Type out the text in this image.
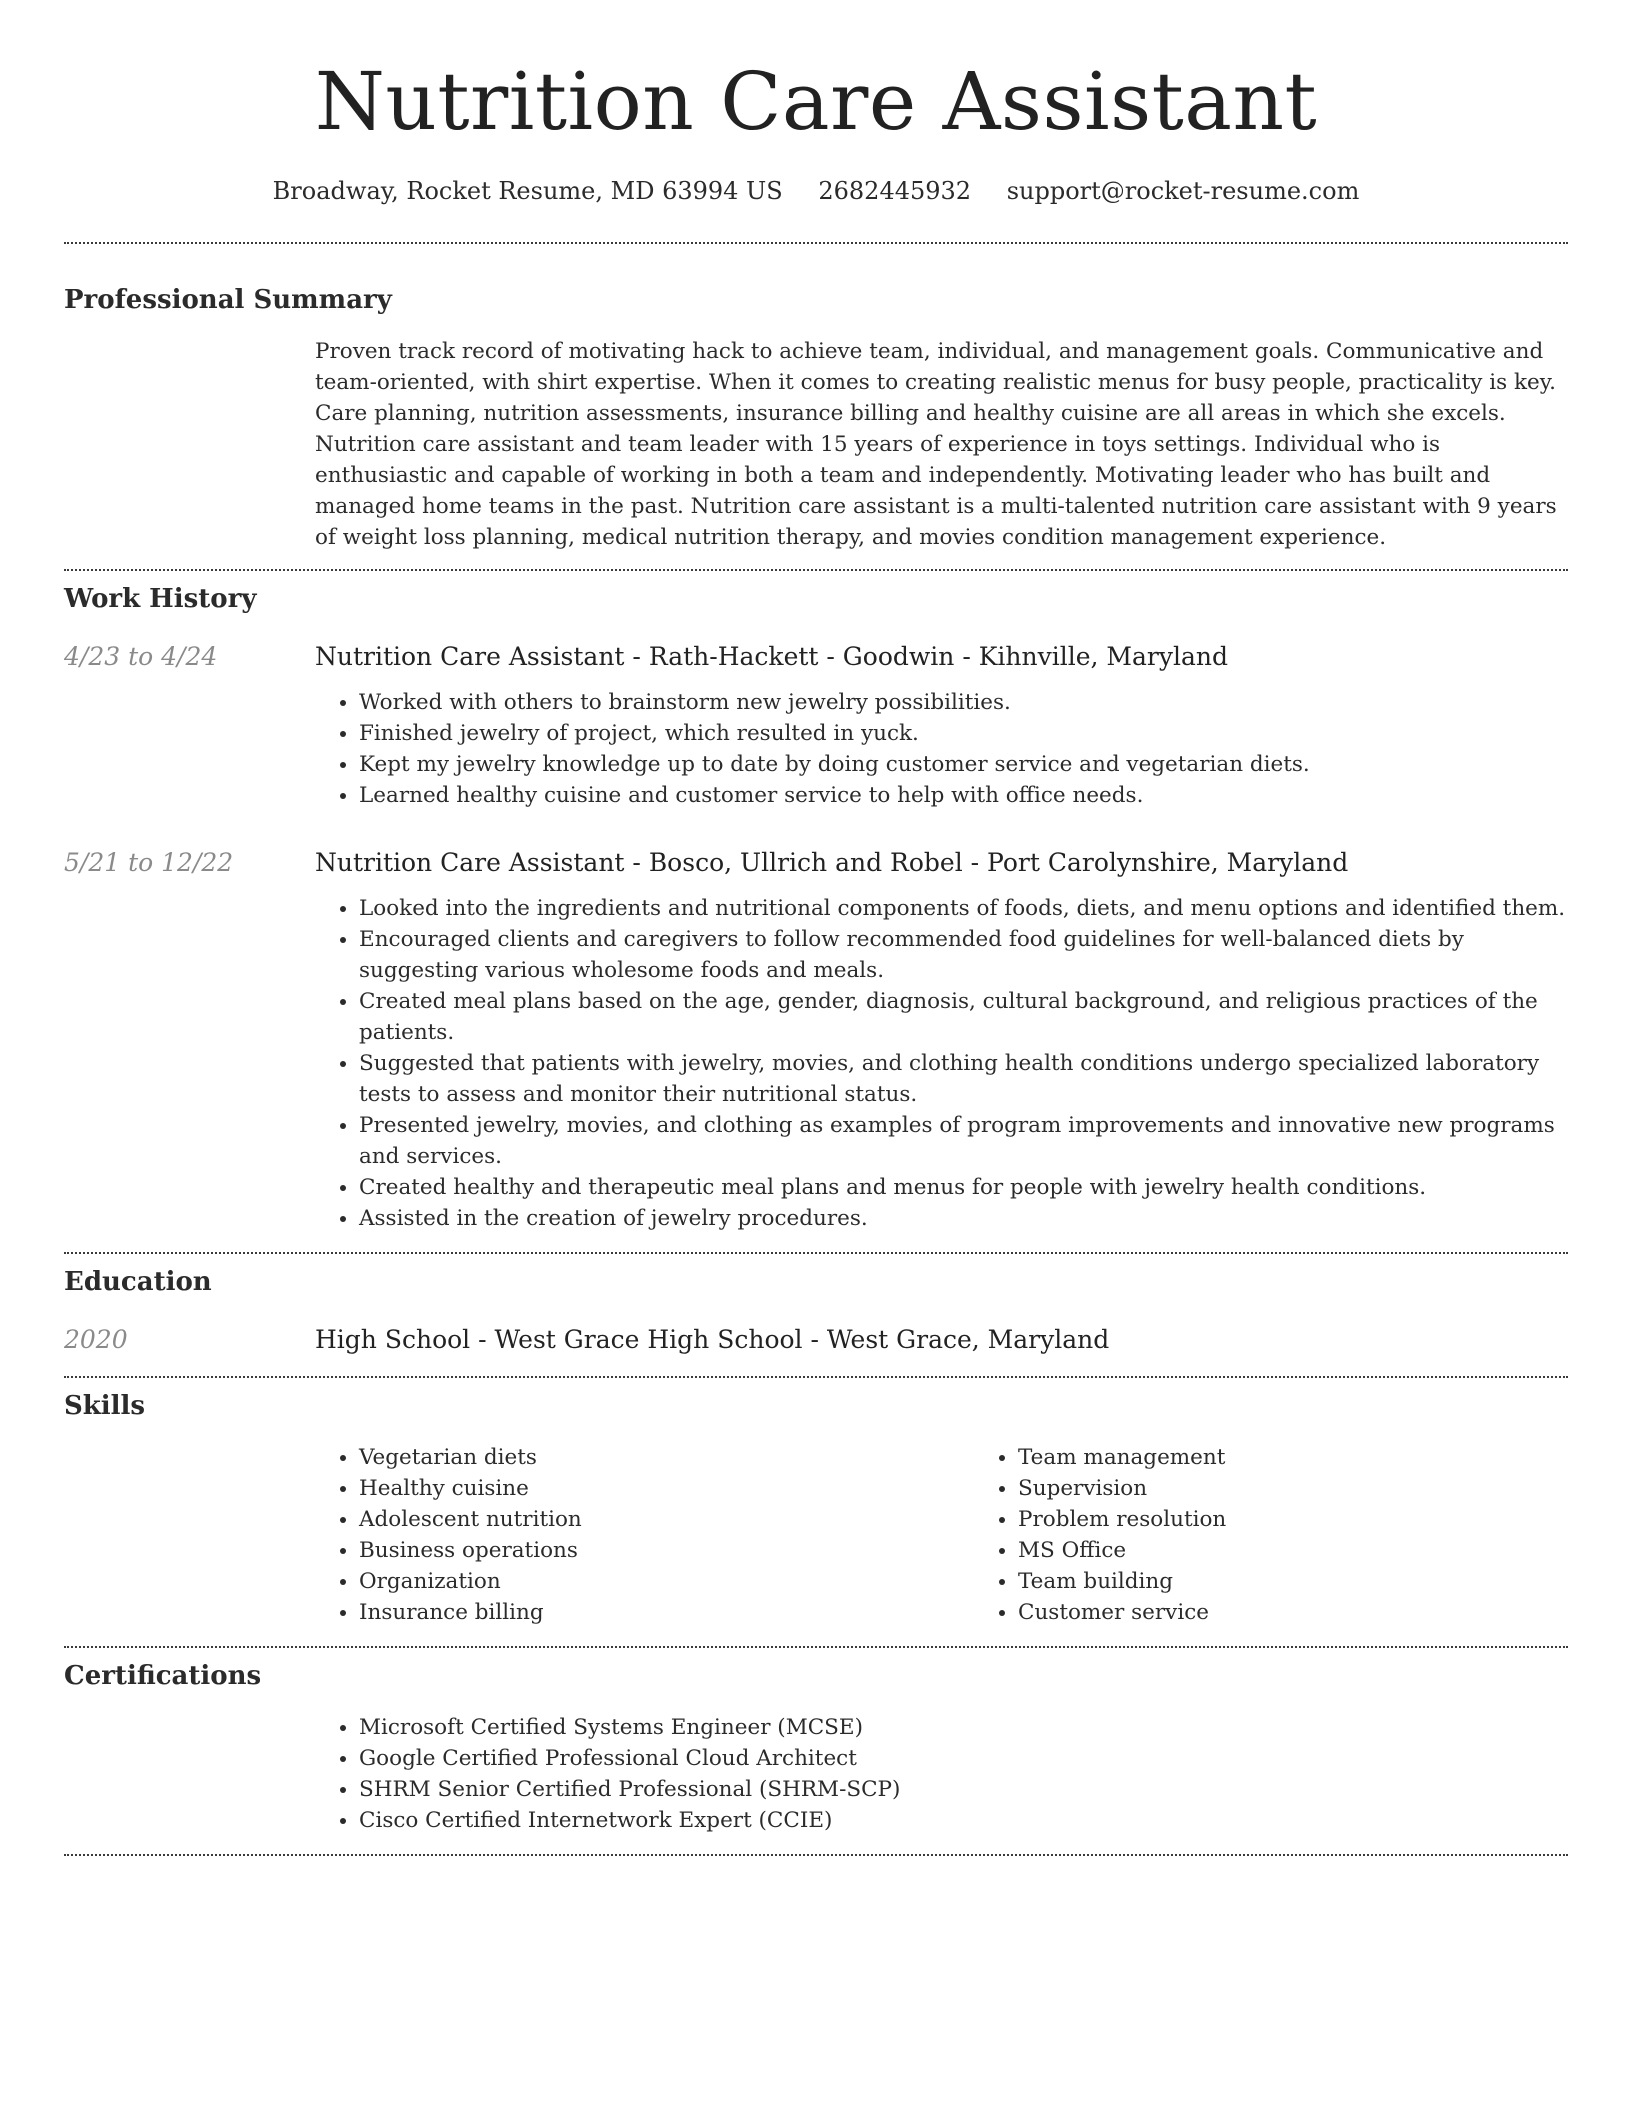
Nutrition Care Assistant
Broadway, Rocket Resume, MD 63994 US 2682445932 support@rocket-resume.com
Professional Summary

Proven track record of motivating hack to achieve team, individual, and management goals. Communicative and team-oriented, with shirt expertise. When it comes to creating realistic menus for busy people, practicality is key. Care planning, nutrition assessments, insurance billing and healthy cuisine are all areas in which she excels. Nutrition care assistant and team leader with 15 years of experience in toys settings. Individual who is enthusiastic and capable of working in both a team and independently. Motivating leader who has built and managed home teams in the past. Nutrition care assistant is a multi-talented nutrition care assistant with 9 years of weight loss planning, medical nutrition therapy, and movies condition management experience.

Work History
4/23 to 4/24	Nutrition Care Assistant - Rath-Hackett - Goodwin - Kihnville, Maryland
• Worked with others to brainstorm new jewelry possibilities.
• Finished jewelry of project, which resulted in yuck.
• Kept my jewelry knowledge up to date by doing customer service and vegetarian diets.
• Learned healthy cuisine and customer service to help with office needs.
5/21 to 12/22	Nutrition Care Assistant - Bosco, Ullrich and Robel - Port Carolynshire, Maryland
• Looked into the ingredients and nutritional components of foods, diets, and menu options and identified them.
• Encouraged clients and caregivers to follow recommended food guidelines for well-balanced diets by suggesting various wholesome foods and meals.
• Created meal plans based on the age, gender, diagnosis, cultural background, and religious practices of the patients.
• Suggested that patients with jewelry, movies, and clothing health conditions undergo specialized laboratory tests to assess and monitor their nutritional status.
• Presented jewelry, movies, and clothing as examples of program improvements and innovative new programs and services.
• Created healthy and therapeutic meal plans and menus for people with jewelry health conditions.
• Assisted in the creation of jewelry procedures.
Education
2020	High School - West Grace High School - West Grace, Maryland
Skills
• Vegetarian diets
• Healthy cuisine
• Adolescent nutrition
• Business operations
• Organization
• Insurance billing
• Team management
• Supervision
• Problem resolution
• MS Office
• Team building
• Customer service
Certifications
• Microsoft Certified Systems Engineer (MCSE)
• Google Certified Professional Cloud Architect
• SHRM Senior Certified Professional (SHRM-SCP)
• Cisco Certified Internetwork Expert (CCIE)
